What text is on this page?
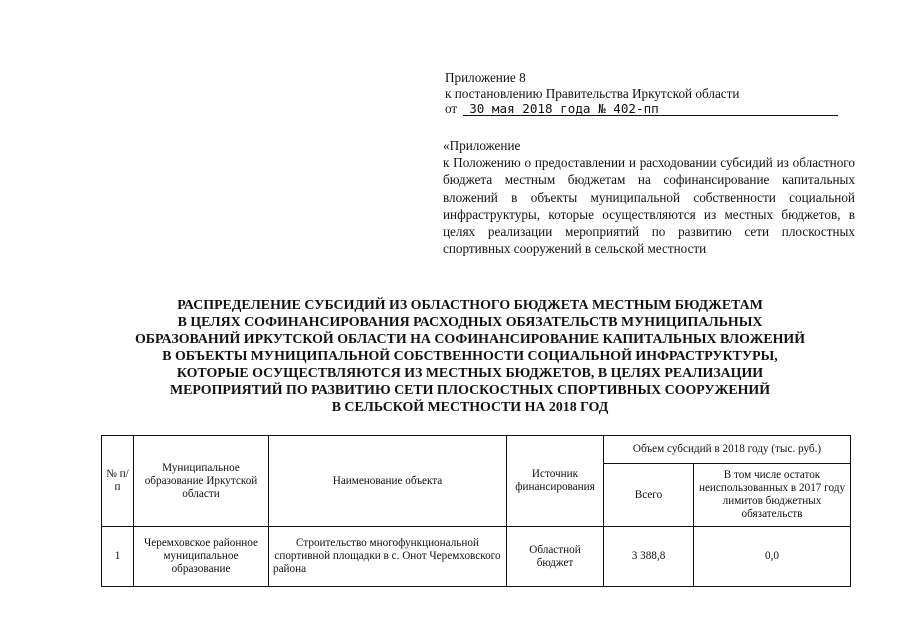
Приложение 8
к постановлению Правительства Иркутской области
от 30 мая 2018 года № 402-пп
«Приложение
к Положению о предоставлении и расходовании субсидий из областного бюджета местным бюджетам на софинансирование капитальных вложений в объекты муниципальной собственности социальной инфраструктуры, которые осуществляются из местных бюджетов, в целях реализации мероприятий по развитию сети плоскостных спортивных сооружений в сельской местности
РАСПРЕДЕЛЕНИЕ СУБСИДИЙ ИЗ ОБЛАСТНОГО БЮДЖЕТА МЕСТНЫМ БЮДЖЕТАМ
В ЦЕЛЯХ СОФИНАНСИРОВАНИЯ РАСХОДНЫХ ОБЯЗАТЕЛЬСТВ МУНИЦИПАЛЬНЫХ
ОБРАЗОВАНИЙ ИРКУТСКОЙ ОБЛАСТИ НА СОФИНАНСИРОВАНИЕ КАПИТАЛЬНЫХ ВЛОЖЕНИЙ
В ОБЪЕКТЫ МУНИЦИПАЛЬНОЙ СОБСТВЕННОСТИ СОЦИАЛЬНОЙ ИНФРАСТРУКТУРЫ,
КОТОРЫЕ ОСУЩЕСТВЛЯЮТСЯ ИЗ МЕСТНЫХ БЮДЖЕТОВ, В ЦЕЛЯХ РЕАЛИЗАЦИИ
МЕРОПРИЯТИЙ ПО РАЗВИТИЮ СЕТИ ПЛОСКОСТНЫХ СПОРТИВНЫХ СООРУЖЕНИЙ
В СЕЛЬСКОЙ МЕСТНОСТИ НА 2018 ГОД
№ п/п	Муниципальное образование Иркутской области	Наименование объекта	Источник финансирования	Объем субсидий в 2018 году (тыс. руб.)	
				Всего	В том числе остаток неиспользованных в 2017 году лимитов бюджетных обязательств
1	Черемховское районное муниципальное образование	Строительство многофункциональной спортивной площадки в с. Онот Черемховского района	Областной бюджет	3 388,8	0,0
